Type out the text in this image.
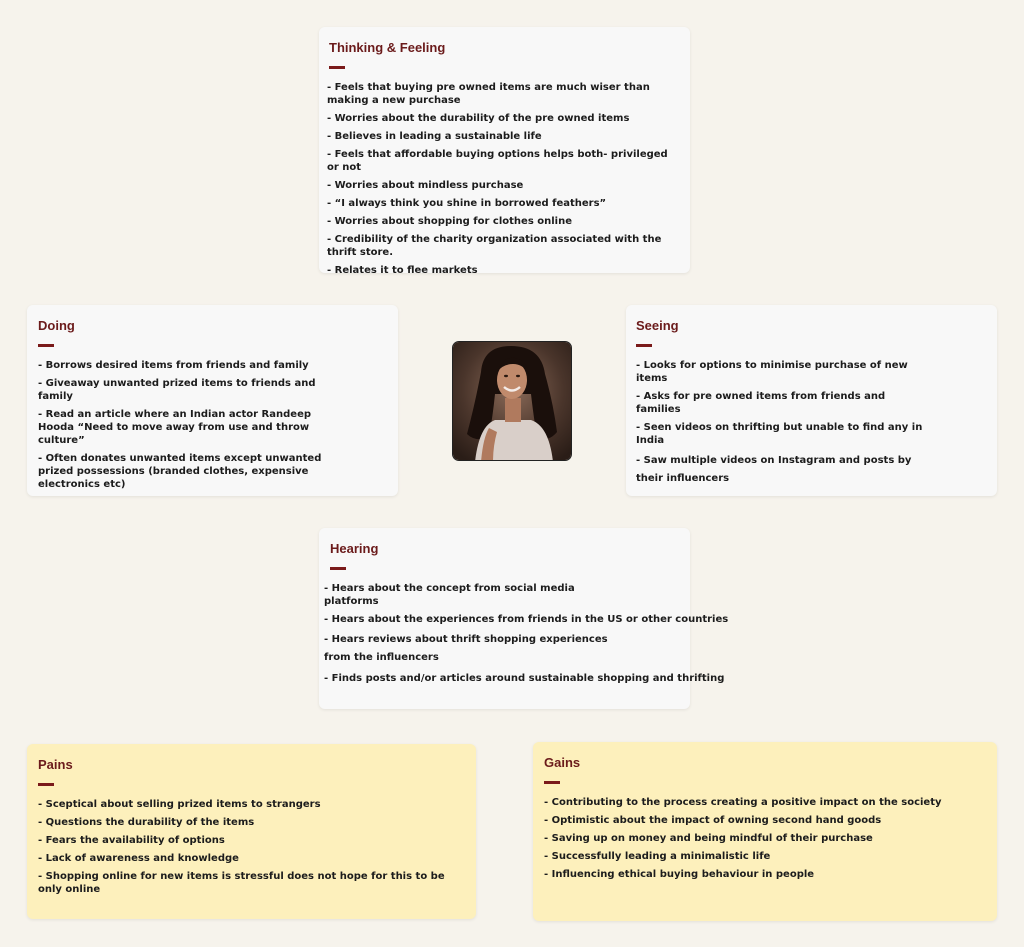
Thinking & Feeling
- Feels that buying pre owned items are much wiser than making a new purchase
- Worries about the durability of the pre owned items
- Believes in leading a sustainable life
- Feels that affordable buying options helps both- privileged or not
- Worries about mindless purchase
- “I always think you shine in borrowed feathers”
- Worries about shopping for clothes online
- Credibility of the charity organization associated with the thrift store.
- Relates it to flee markets
Doing
- Borrows desired items from friends and family
- Giveaway unwanted prized items to friends and family
- Read an article where an Indian actor Randeep Hooda “Need to move away from use and throw culture”
- Often donates unwanted items except unwanted prized possessions (branded clothes, expensive electronics etc)
Seeing
- Looks for options to minimise purchase of new items
- Asks for pre owned items from friends and families
- Seen videos on thrifting but unable to find any in India
- Saw multiple videos on Instagram and posts by their influencers
Hearing
- Hears about the concept from social media platforms
- Hears about the experiences from friends in the US or other countries
- Hears reviews about thrift shopping experiences from the influencers
- Finds posts and/or articles around sustainable shopping and thrifting
Pains
- Sceptical about selling prized items to strangers
- Questions the durability of the items
- Fears the availability of options
- Lack of awareness and knowledge
- Shopping online for new items is stressful does not hope for this to be only online
Gains
- Contributing to the process creating a positive impact on the society
- Optimistic about the impact of owning second hand goods
- Saving up on money and being mindful of their purchase
- Successfully leading a minimalistic life
- Influencing ethical buying behaviour in people
